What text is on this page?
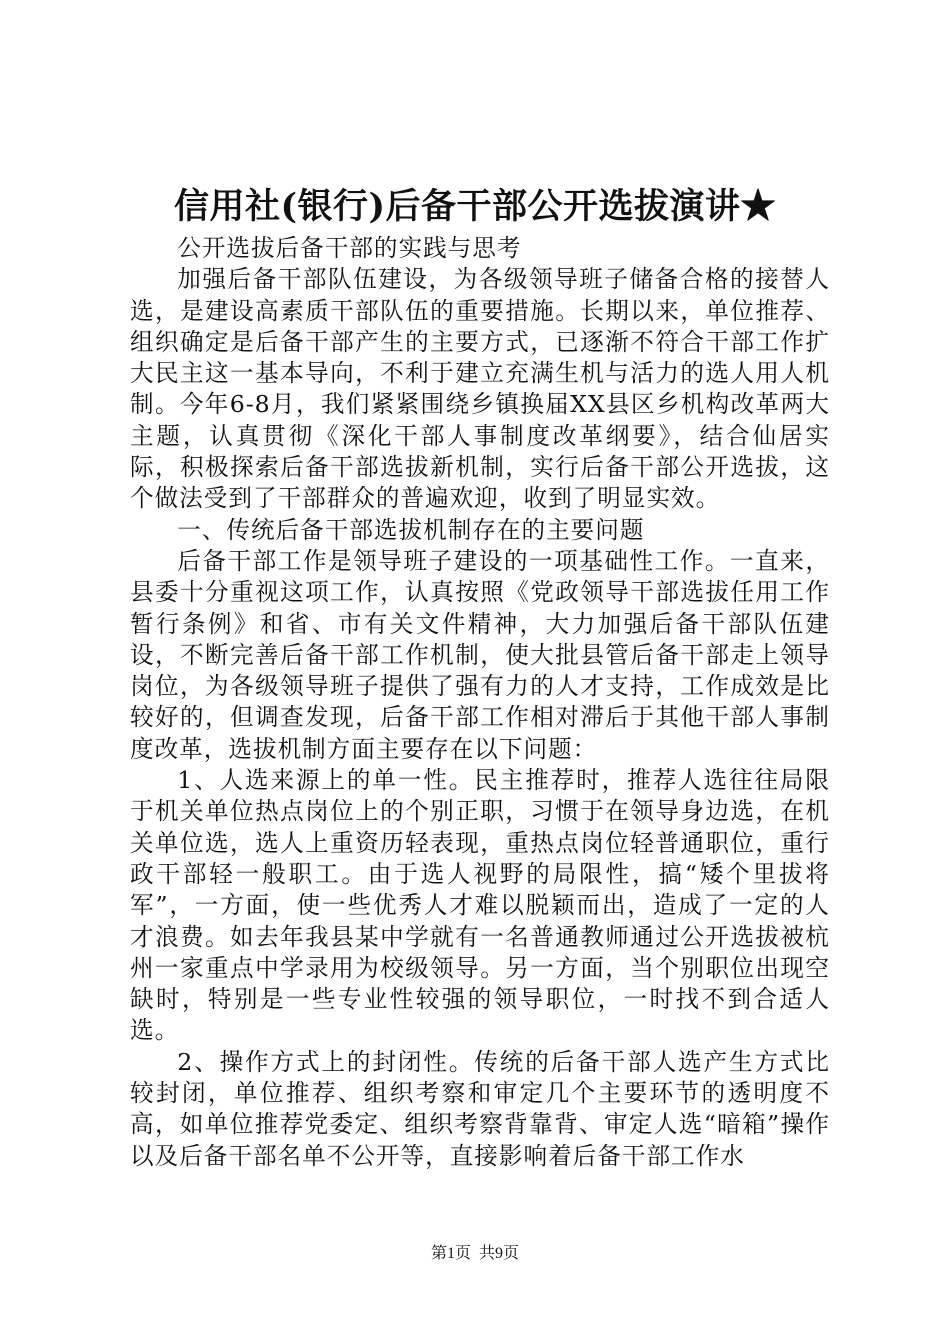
信用社(银行)后备干部公开选拔演讲★

公开选拔后备干部的实践与思考

加强后备干部队伍建设，为各级领导班子储备合格的接替人选，是建设高素质干部队伍的重要措施。长期以来，单位推荐、组织确定是后备干部产生的主要方式，已逐渐不符合干部工作扩大民主这一基本导向，不利于建立充满生机与活力的选人用人机制。今年6-8月，我们紧紧围绕乡镇换届XX县区乡机构改革两大主题，认真贯彻《深化干部人事制度改革纲要》，结合仙居实际，积极探索后备干部选拔新机制，实行后备干部公开选拔，这个做法受到了干部群众的普遍欢迎，收到了明显实效。

一、传统后备干部选拔机制存在的主要问题

后备干部工作是领导班子建设的一项基础性工作。一直来，县委十分重视这项工作，认真按照《党政领导干部选拔任用工作暂行条例》和省、市有关文件精神，大力加强后备干部队伍建设，不断完善后备干部工作机制，使大批县管后备干部走上领导岗位，为各级领导班子提供了强有力的人才支持，工作成效是比较好的，但调查发现，后备干部工作相对滞后于其他干部人事制度改革，选拔机制方面主要存在以下问题：

1、人选来源上的单一性。民主推荐时，推荐人选往往局限于机关单位热点岗位上的个别正职，习惯于在领导身边选，在机关单位选，选人上重资历轻表现，重热点岗位轻普通职位，重行政干部轻一般职工。由于选人视野的局限性，搞“矮个里拔将军”，一方面，使一些优秀人才难以脱颖而出，造成了一定的人才浪费。如去年我县某中学就有一名普通教师通过公开选拔被杭州一家重点中学录用为校级领导。另一方面，当个别职位出现空缺时，特别是一些专业性较强的领导职位，一时找不到合适人选。

2、操作方式上的封闭性。传统的后备干部人选产生方式比较封闭，单位推荐、组织考察和审定几个主要环节的透明度不高，如单位推荐党委定、组织考察背靠背、审定人选“暗箱”操作以及后备干部名单不公开等，直接影响着后备干部工作水

第1页 共9页
